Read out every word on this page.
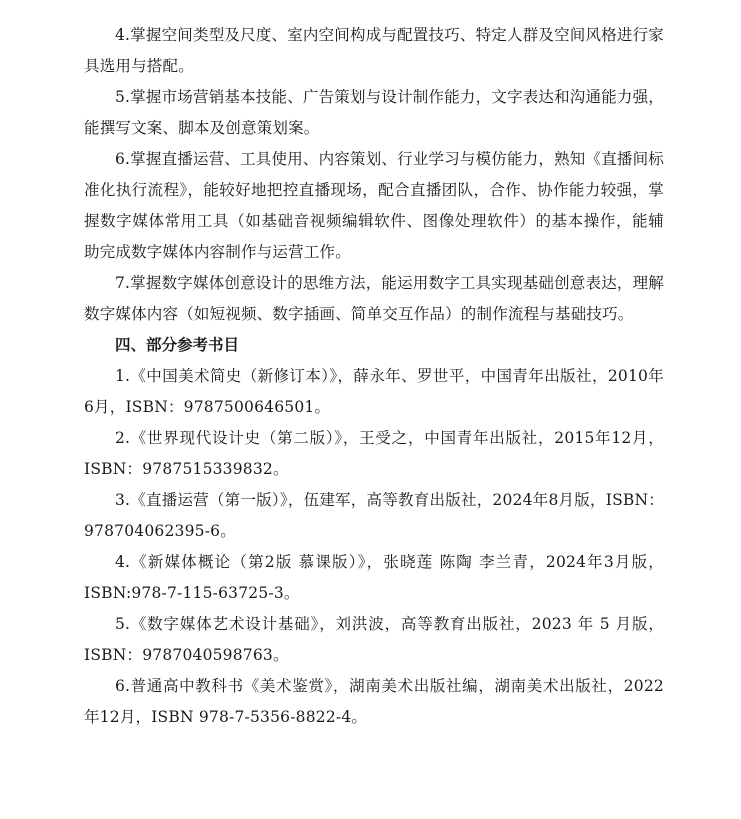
4.掌握空间类型及尺度、室内空间构成与配置技巧、特定人群及空间风格进行家具选用与搭配。

5.掌握市场营销基本技能、广告策划与设计制作能力，文字表达和沟通能力强，能撰写文案、脚本及创意策划案。

6.掌握直播运营、工具使用、内容策划、行业学习与模仿能力，熟知《直播间标准化执行流程》，能较好地把控直播现场，配合直播团队，合作、协作能力较强，掌握数字媒体常用工具（如基础音视频编辑软件、图像处理软件）的基本操作，能辅助完成数字媒体内容制作与运营工作。

7.掌握数字媒体创意设计的思维方法，能运用数字工具实现基础创意表达，理解数字媒体内容（如短视频、数字插画、简单交互作品）的制作流程与基础技巧。

四、部分参考书目

1.《中国美术简史（新修订本）》，薛永年、罗世平，中国青年出版社，2010年6月，ISBN：9787500646501。

2.《世界现代设计史（第二版）》，王受之，中国青年出版社，2015年12月，ISBN：9787515339832。

3.《直播运营（第一版）》，伍建军，高等教育出版社，2024年8月版，ISBN：978704062395-6。

4.《新媒体概论（第2版 慕课版）》，张晓莲 陈陶 李兰青，2024年3月版，ISBN:978-7-115-63725-3。

5.《数字媒体艺术设计基础》，刘洪波，高等教育出版社，2023 年 5 月版，ISBN：9787040598763。

6.普通高中教科书《美术鉴赏》，湖南美术出版社编，湖南美术出版社，2022年12月，ISBN 978-7-5356-8822-4。
